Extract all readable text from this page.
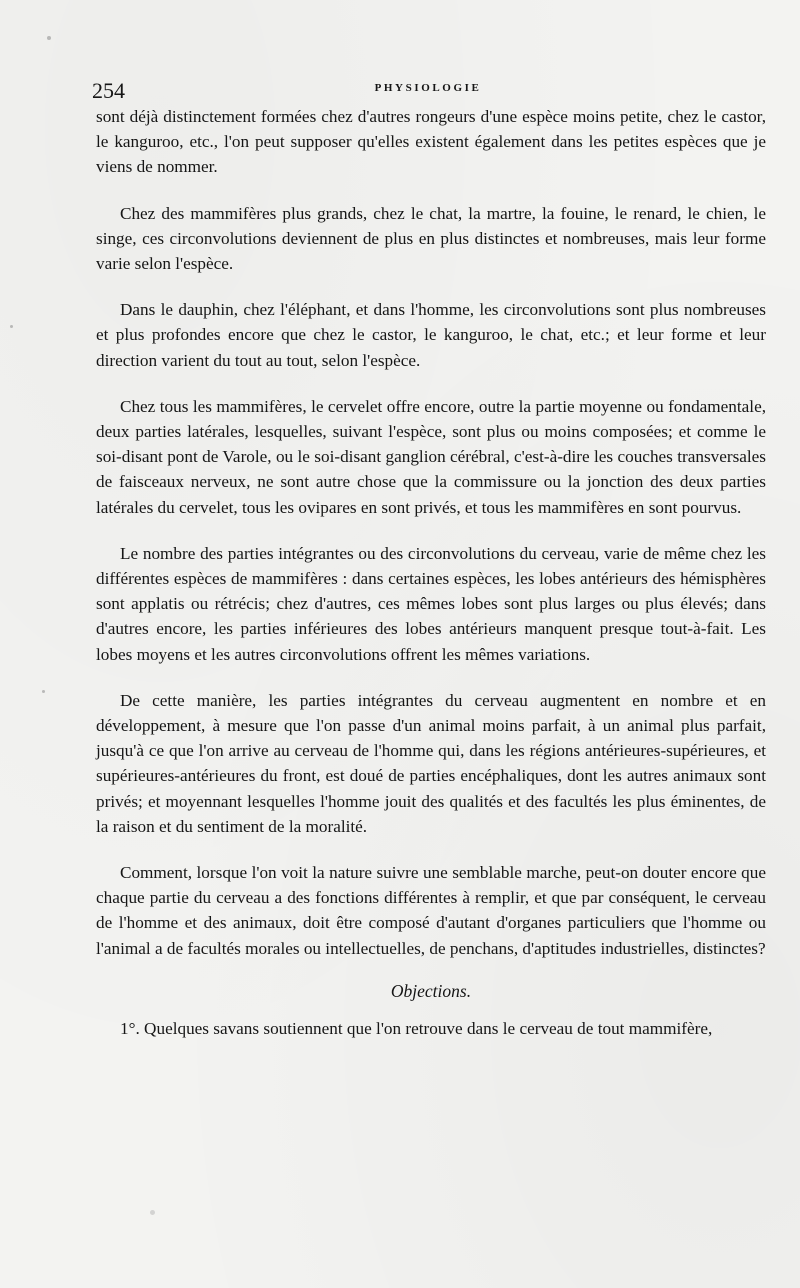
254	PHYSIOLOGIE

sont déjà distinctement formées chez d'autres rongeurs d'une espèce moins petite, chez le castor, le kanguroo, etc., l'on peut supposer qu'elles existent également dans les petites espèces que je viens de nommer.

Chez des mammifères plus grands, chez le chat, la martre, la fouine, le renard, le chien, le singe, ces circonvolutions deviennent de plus en plus distinctes et nombreuses, mais leur forme varie selon l'espèce.

Dans le dauphin, chez l'éléphant, et dans l'homme, les circonvolutions sont plus nombreuses et plus profondes encore que chez le castor, le kanguroo, le chat, etc.; et leur forme et leur direction varient du tout au tout, selon l'espèce.

Chez tous les mammifères, le cervelet offre encore, outre la partie moyenne ou fondamentale, deux parties latérales, lesquelles, suivant l'espèce, sont plus ou moins composées; et comme le soi-disant pont de Varole, ou le soi-disant ganglion cérébral, c'est-à-dire les couches transversales de faisceaux nerveux, ne sont autre chose que la commissure ou la jonction des deux parties latérales du cervelet, tous les ovipares en sont privés, et tous les mammifères en sont pourvus.

Le nombre des parties intégrantes ou des circonvolutions du cerveau, varie de même chez les différentes espèces de mammifères : dans certaines espèces, les lobes antérieurs des hémisphères sont applatis ou rétrécis; chez d'autres, ces mêmes lobes sont plus larges ou plus élevés; dans d'autres encore, les parties inférieures des lobes antérieurs manquent presque tout-à-fait. Les lobes moyens et les autres circonvolutions offrent les mêmes variations.

De cette manière, les parties intégrantes du cerveau augmentent en nombre et en développement, à mesure que l'on passe d'un animal moins parfait, à un animal plus parfait, jusqu'à ce que l'on arrive au cerveau de l'homme qui, dans les régions antérieures-supérieures, et supérieures-antérieures du front, est doué de parties encéphaliques, dont les autres animaux sont privés; et moyennant lesquelles l'homme jouit des qualités et des facultés les plus éminentes, de la raison et du sentiment de la moralité.

Comment, lorsque l'on voit la nature suivre une semblable marche, peut-on douter encore que chaque partie du cerveau a des fonctions différentes à remplir, et que par conséquent, le cerveau de l'homme et des animaux, doit être composé d'autant d'organes particuliers que l'homme ou l'animal a de facultés morales ou intellectuelles, de penchans, d'aptitudes industrielles, distinctes?

Objections.

1°. Quelques savans soutiennent que l'on retrouve dans le cerveau de tout mammifère,
